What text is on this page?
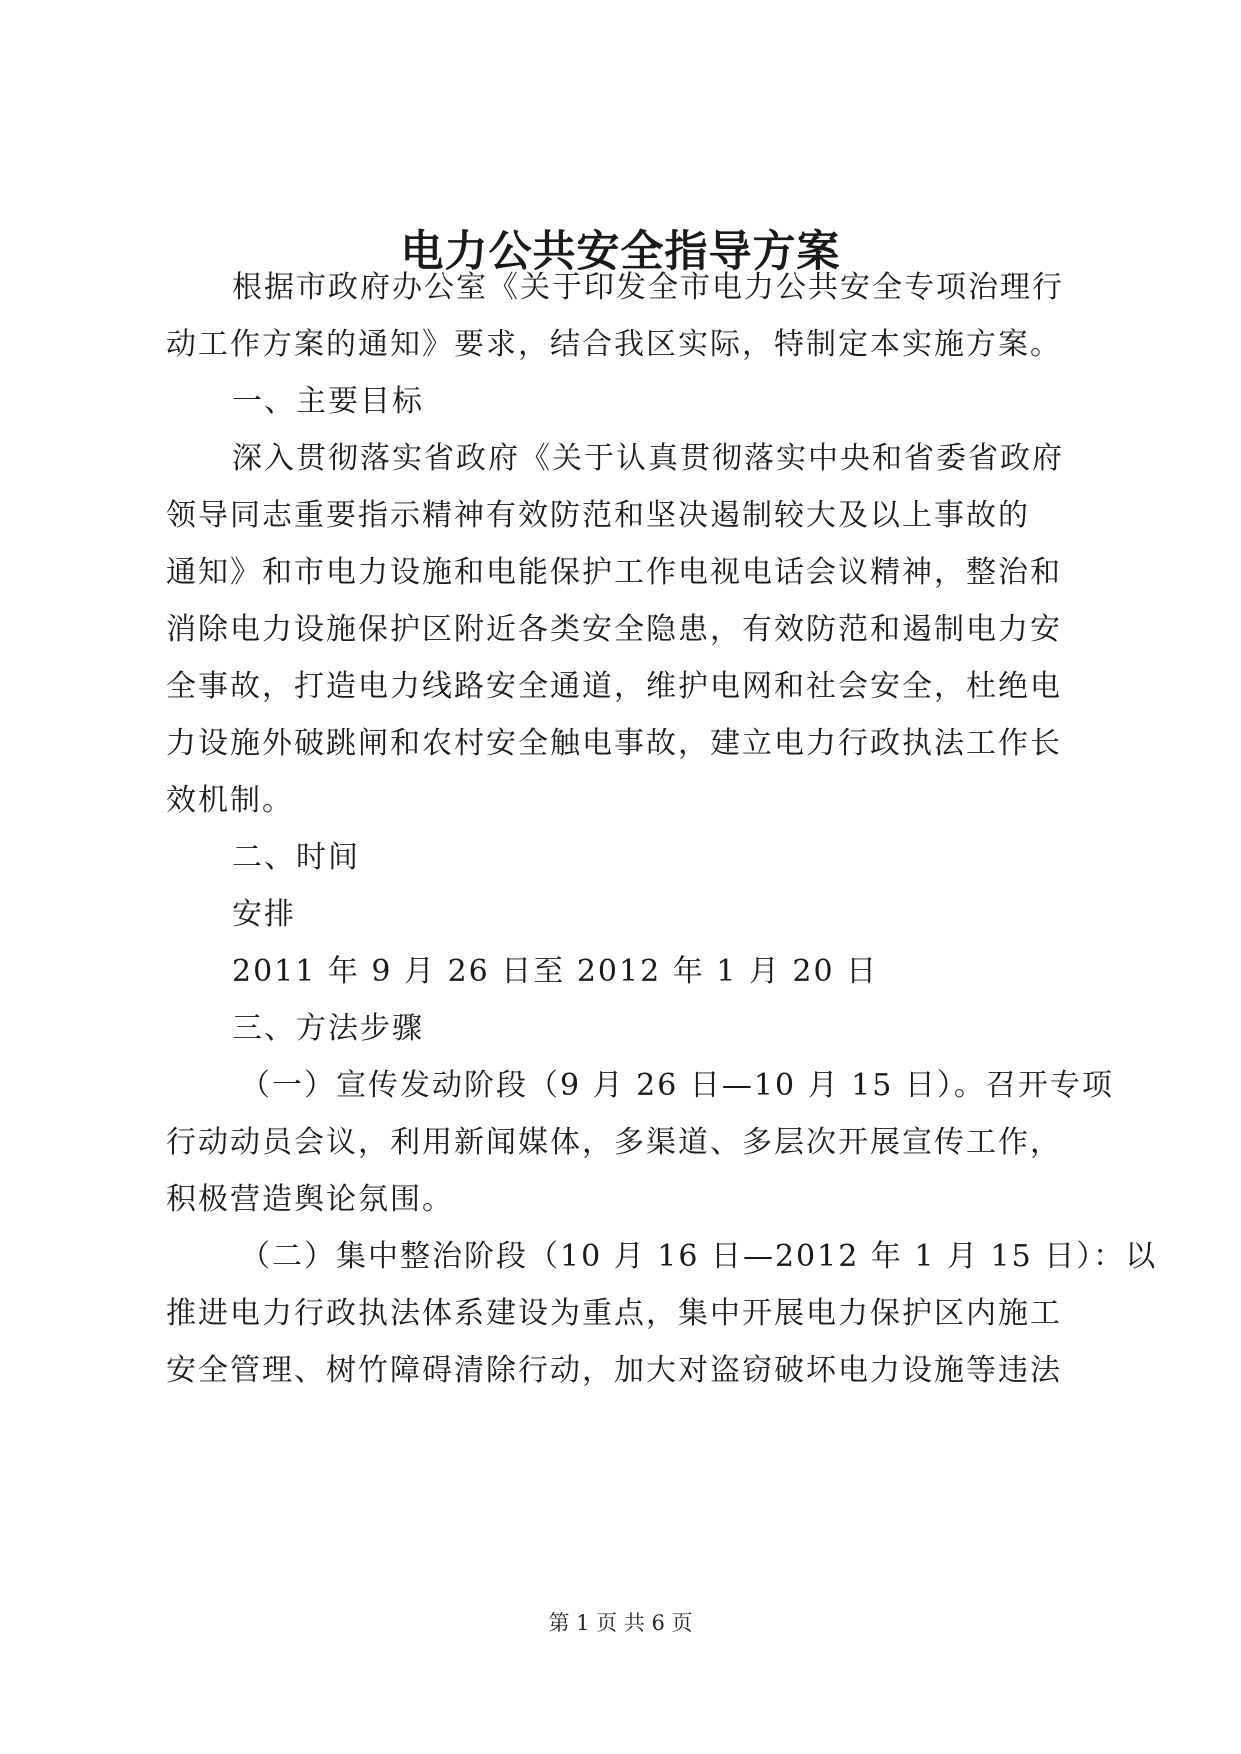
电力公共安全指导方案
根据市政府办公室《关于印发全市电力公共安全专项治理行
动工作方案的通知》要求，结合我区实际，特制定本实施方案。
一、主要目标
深入贯彻落实省政府《关于认真贯彻落实中央和省委省政府
领导同志重要指示精神有效防范和坚决遏制较大及以上事故的
通知》和市电力设施和电能保护工作电视电话会议精神，整治和
消除电力设施保护区附近各类安全隐患，有效防范和遏制电力安
全事故，打造电力线路安全通道，维护电网和社会安全，杜绝电
力设施外破跳闸和农村安全触电事故，建立电力行政执法工作长
效机制。
二、时间
安排
2011 年 9 月 26 日至 2012 年 1 月 20 日
三、方法步骤
（一）宣传发动阶段（9 月 26 日—10 月 15 日）。召开专项
行动动员会议，利用新闻媒体，多渠道、多层次开展宣传工作，
积极营造舆论氛围。
（二）集中整治阶段（10 月 16 日—2012 年 1 月 15 日）：以
推进电力行政执法体系建设为重点，集中开展电力保护区内施工
安全管理、树竹障碍清除行动，加大对盗窃破坏电力设施等违法
第 1 页 共 6 页
